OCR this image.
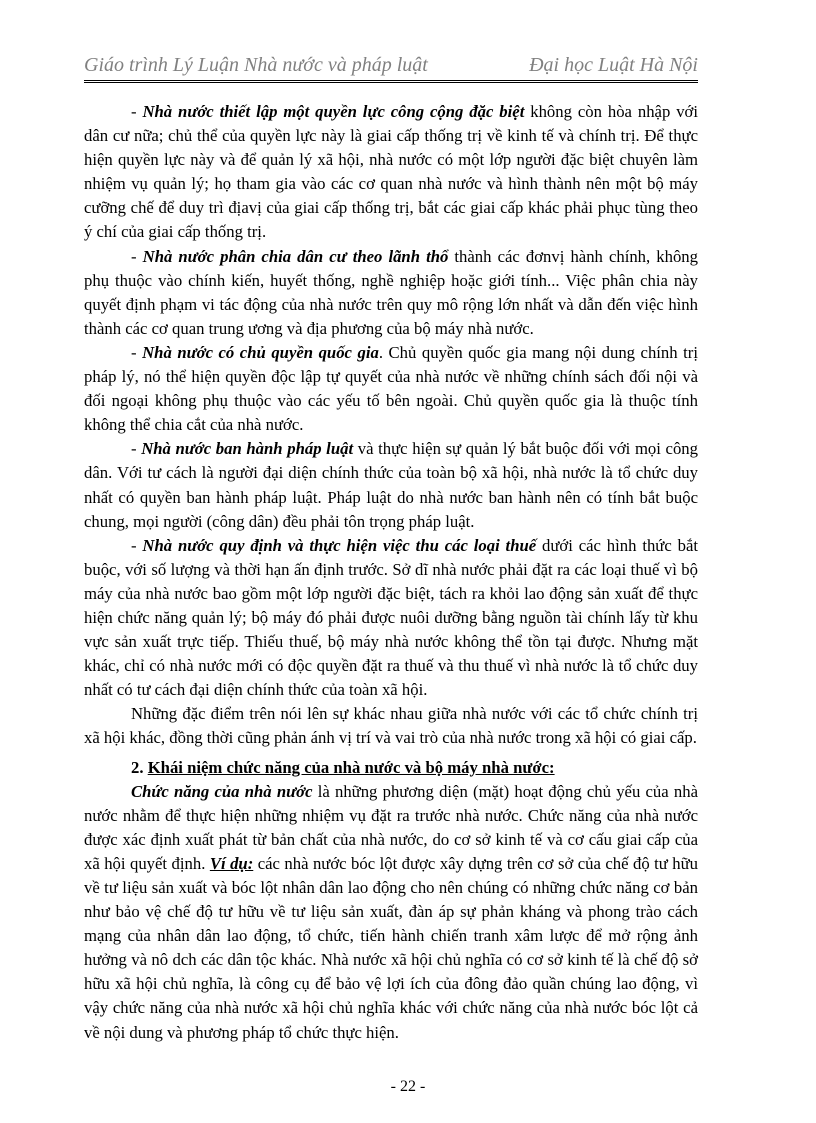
Giáo trình Lý Luận Nhà nước và pháp luật	Đại học Luật Hà Nội

- Nhà nước thiết lập một quyền lực công cộng đặc biệt không còn hòa nhập với dân cư nữa; chủ thể của quyền lực này là giai cấp thống trị về kinh tế và chính trị. Để thực hiện quyền lực này và để quản lý xã hội, nhà nước có một lớp người đặc biệt chuyên làm nhiệm vụ quản lý; họ tham gia vào các cơ quan nhà nước và hình thành nên một bộ máy cưỡng chế để duy trì địavị của giai cấp thống trị, bắt các giai cấp khác phải phục tùng theo ý chí của giai cấp thống trị.

- Nhà nước phân chia dân cư theo lãnh thổ thành các đơnvị hành chính, không phụ thuộc vào chính kiến, huyết thống, nghề nghiệp hoặc giới tính... Việc phân chia này quyết định phạm vi tác động của nhà nước trên quy mô rộng lớn nhất và dẫn đến việc hình thành các cơ quan trung ương và địa phương của bộ máy nhà nước.

- Nhà nước có chủ quyền quốc gia. Chủ quyền quốc gia mang nội dung chính trị pháp lý, nó thể hiện quyền độc lập tự quyết của nhà nước về những chính sách đối nội và đối ngoại không phụ thuộc vào các yếu tố bên ngoài. Chủ quyền quốc gia là thuộc tính không thể chia cắt của nhà nước.

- Nhà nước ban hành pháp luật và thực hiện sự quản lý bắt buộc đối với mọi công dân. Với tư cách là người đại diện chính thức của toàn bộ xã hội, nhà nước là tổ chức duy nhất có quyền ban hành pháp luật. Pháp luật do nhà nước ban hành nên có tính bắt buộc chung, mọi người (công dân) đều phải tôn trọng pháp luật.

- Nhà nước quy định và thực hiện việc thu các loại thuế dưới các hình thức bắt buộc, với số lượng và thời hạn ấn định trước. Sở dĩ nhà nước phải đặt ra các loại thuế vì bộ máy của nhà nước bao gồm một lớp người đặc biệt, tách ra khỏi lao động sản xuất để thực hiện chức năng quản lý; bộ máy đó phải được nuôi dưỡng bằng nguồn tài chính lấy từ khu vực sản xuất trực tiếp. Thiếu thuế, bộ máy nhà nước không thể tồn tại được. Nhưng mặt khác, chỉ có nhà nước mới có độc quyền đặt ra thuế và thu thuế vì nhà nước là tổ chức duy nhất có tư cách đại diện chính thức của toàn xã hội.

Những đặc điểm trên nói lên sự khác nhau giữa nhà nước với các tổ chức chính trị xã hội khác, đồng thời cũng phản ánh vị trí và vai trò của nhà nước trong xã hội có giai cấp.

2. Khái niệm chức năng của nhà nước và bộ máy nhà nước:

Chức năng của nhà nước là những phương diện (mặt) hoạt động chủ yếu của nhà nước nhằm để thực hiện những nhiệm vụ đặt ra trước nhà nước. Chức năng của nhà nước được xác định xuất phát từ bản chất của nhà nước, do cơ sở kinh tế và cơ cấu giai cấp của xã hội quyết định. Ví dụ: các nhà nước bóc lột được xây dựng trên cơ sở của chế độ tư hữu về tư liệu sản xuất và bóc lột nhân dân lao động cho nên chúng có những chức năng cơ bản như bảo vệ chế độ tư hữu về tư liệu sản xuất, đàn áp sự phản kháng và phong trào cách mạng của nhân dân lao động, tổ chức, tiến hành chiến tranh xâm lược để mở rộng ảnh hưởng và nô dch các dân tộc khác. Nhà nước xã hội chủ nghĩa có cơ sở kinh tế là chế độ sở hữu xã hội chủ nghĩa, là công cụ để bảo vệ lợi ích của đông đảo quần chúng lao động, vì vậy chức năng của nhà nước xã hội chủ nghĩa khác với chức năng của nhà nước bóc lột cả về nội dung và phương pháp tổ chức thực hiện.

- 22 -
